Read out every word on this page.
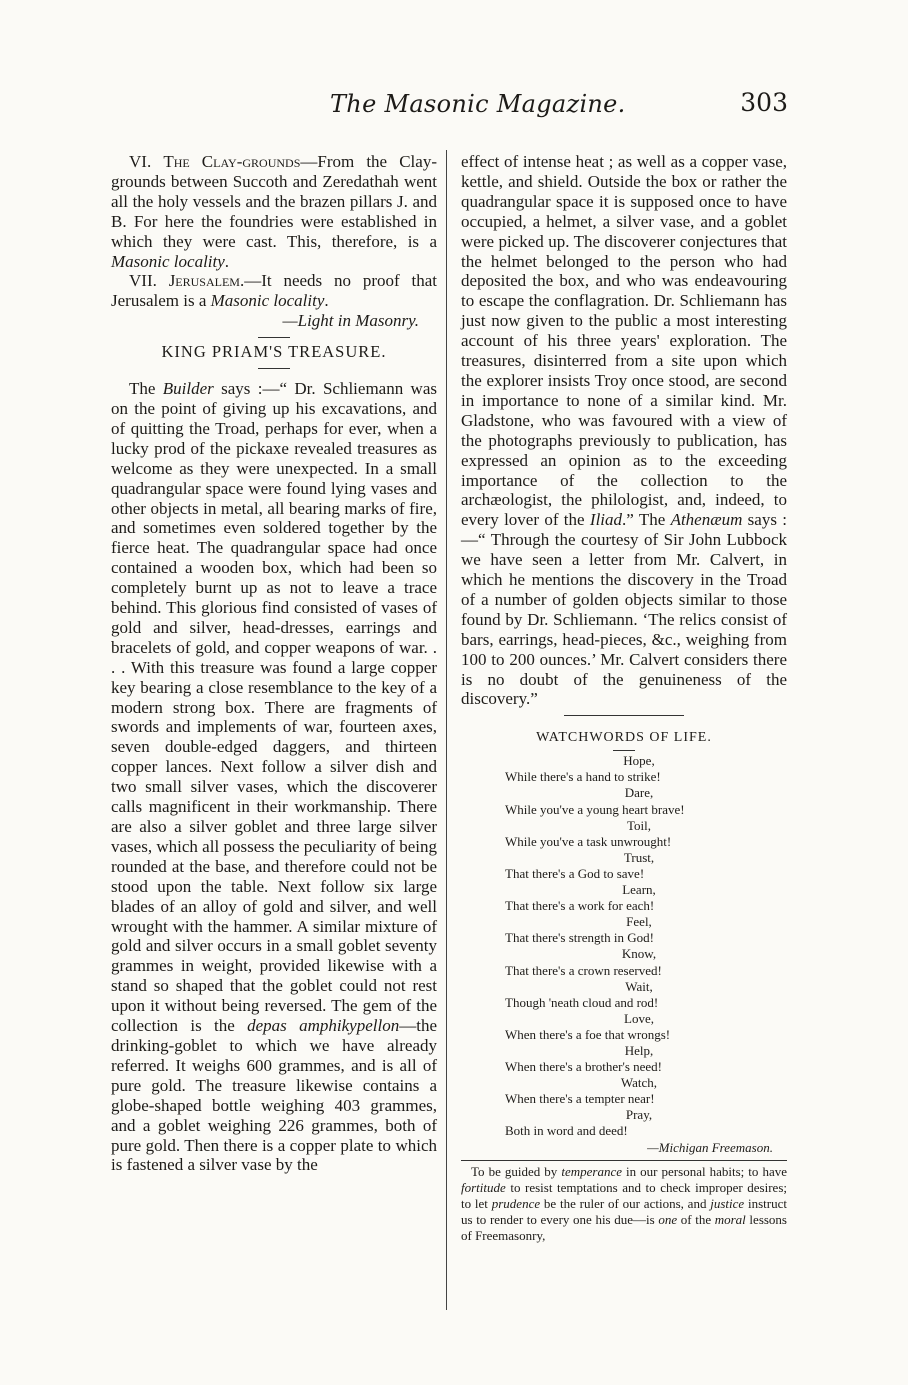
The Masonic Magazine.	303

VI. The Clay-grounds—From the Clay-grounds between Succoth and Zeredathah went all the holy vessels and the brazen pillars J. and B. For here the foundries were established in which they were cast. This, therefore, is a Masonic locality.

VII. Jerusalem.—It needs no proof that Jerusalem is a Masonic locality.

—Light in Masonry.

KING PRIAM'S TREASURE.

The Builder says :—“ Dr. Schliemann was on the point of giving up his excavations, and of quitting the Troad, perhaps for ever, when a lucky prod of the pickaxe revealed treasures as welcome as they were unexpected. In a small quadrangular space were found lying vases and other objects in metal, all bearing marks of fire, and sometimes even soldered together by the fierce heat. The quadrangular space had once contained a wooden box, which had been so completely burnt up as not to leave a trace behind. This glorious find consisted of vases of gold and silver, head-dresses, earrings and bracelets of gold, and copper weapons of war. . . . With this treasure was found a large copper key bearing a close resemblance to the key of a modern strong box. There are fragments of swords and implements of war, fourteen axes, seven double-edged daggers, and thirteen copper lances. Next follow a silver dish and two small silver vases, which the discoverer calls magnificent in their workmanship. There are also a silver goblet and three large silver vases, which all possess the peculiarity of being rounded at the base, and therefore could not be stood upon the table. Next follow six large blades of an alloy of gold and silver, and well wrought with the hammer. A similar mixture of gold and silver occurs in a small goblet seventy grammes in weight, provided likewise with a stand so shaped that the goblet could not rest upon it without being reversed. The gem of the collection is the depas amphikypellon—the drinking-goblet to which we have already referred. It weighs 600 grammes, and is all of pure gold. The treasure likewise contains a globe-shaped bottle weighing 403 grammes, and a goblet weighing 226 grammes, both of pure gold. Then there is a copper plate to which is fastened a silver vase by the

effect of intense heat ; as well as a copper vase, kettle, and shield. Outside the box or rather the quadrangular space it is supposed once to have occupied, a helmet, a silver vase, and a goblet were picked up. The discoverer conjectures that the helmet belonged to the person who had deposited the box, and who was endeavouring to escape the conflagration. Dr. Schliemann has just now given to the public a most interesting account of his three years' exploration. The treasures, disinterred from a site upon which the explorer insists Troy once stood, are second in importance to none of a similar kind. Mr. Gladstone, who was favoured with a view of the photographs previously to publication, has expressed an opinion as to the exceeding importance of the collection to the archæologist, the philologist, and, indeed, to every lover of the Iliad.” The Athenæum says :—“ Through the courtesy of Sir John Lubbock we have seen a letter from Mr. Calvert, in which he mentions the discovery in the Troad of a number of golden objects similar to those found by Dr. Schliemann. ‘The relics consist of bars, earrings, head-pieces, &c., weighing from 100 to 200 ounces.’ Mr. Calvert considers there is no doubt of the genuineness of the discovery.”

WATCHWORDS OF LIFE.
Hope,
While there's a hand to strike!
Dare,
While you've a young heart brave!
Toil,
While you've a task unwrought!
Trust,
That there's a God to save!
Learn,
That there's a work for each!
Feel,
That there's strength in God!
Know,
That there's a crown reserved!
Wait,
Though 'neath cloud and rod!
Love,
When there's a foe that wrongs!
Help,
When there's a brother's need!
Watch,
When there's a tempter near!
Pray,
Both in word and deed!
—Michigan Freemason.

To be guided by temperance in our personal habits; to have fortitude to resist temptations and to check improper desires; to let prudence be the ruler of our actions, and justice instruct us to render to every one his due—is one of the moral lessons of Freemasonry,
